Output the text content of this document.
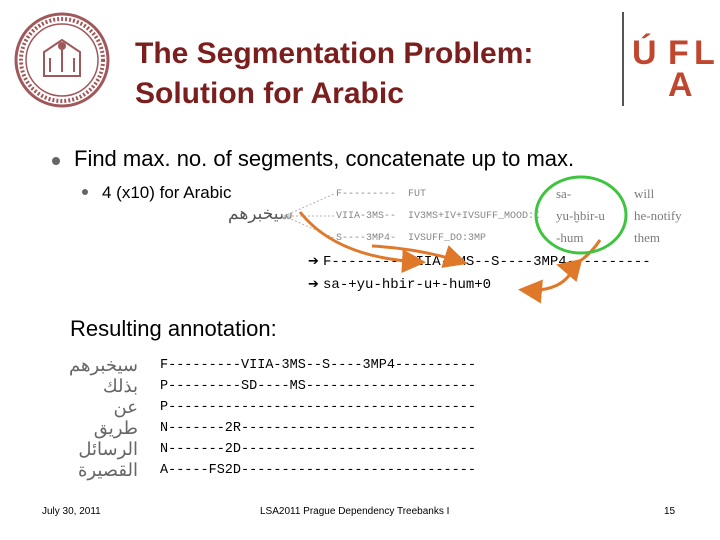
The Segmentation Problem:
Solution for Arabic
Ú F L
A
Find max. no. of segments, concatenate up to max.
4 (x10) for Arabic
سيخبرهم
F---------
VIIA-3MS--
S----3MP4-
FUT
IV3MS+IV+IVSUFF_MOOD:I
IVSUFF_DO:3MP
sa-
yu-ḫbir-u
-hum
will
he-notify
them
➔ F---------VIIA-3MS--S----3MP4----------
➔ sa-+yu-hbir-u+-hum+0
Resulting annotation:
سيخبرهم F---------VIIA-3MS--S----3MP4----------
بذلك P---------SD----MS---------------------
عن P--------------------------------------
طريق N-------2R-----------------------------
الرسائل N-------2D-----------------------------
القصيرة A-----FS2D-----------------------------
July 30, 2011	LSA2011 Prague Dependency Treebanks I	15
